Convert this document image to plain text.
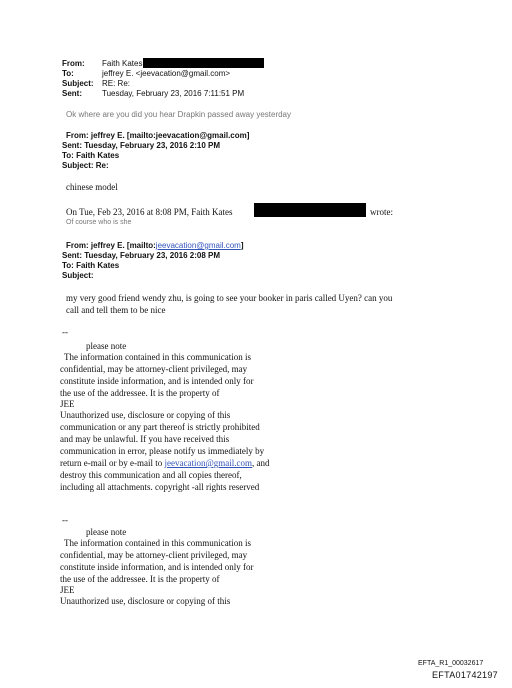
From: Faith Kates
To:	jeffrey E. <jeevacation@gmail.com>
Subject: RE: Re:
Sent:	Tuesday, February 23, 2016 7:11:51 PM
Ok where are you did you hear Drapkin passed away yesterday
From: jeffrey E. [mailto:jeevacation@gmail.com]
Sent: Tuesday, February 23, 2016 2:10 PM
To: Faith Kates
Subject: Re:
chinese model
On Tue, Feb 23, 2016 at 8:08 PM, Faith Kates	wrote:
Of course who is she
From: jeffrey E. [mailto:jeevacation@gmail.com]
Sent: Tuesday, February 23, 2016 2:08 PM
To: Faith Kates
Subject:
my very good friend wendy zhu, is going to see your booker in paris called Uyen? can you
call and tell them to be nice
--
please note
The information contained in this communication is
confidential, may be attorney-client privileged, may
constitute inside information, and is intended only for
the use of the addressee. It is the property of
JEE
Unauthorized use, disclosure or copying of this
communication or any part thereof is strictly prohibited
and may be unlawful. If you have received this
communication in error, please notify us immediately by
return e-mail or by e-mail to jeevacation@gmail.com, and
destroy this communication and all copies thereof,
including all attachments. copyright -all rights reserved
--
please note
The information contained in this communication is
confidential, may be attorney-client privileged, may
constitute inside information, and is intended only for
the use of the addressee. It is the property of
JEE
Unauthorized use, disclosure or copying of this
EFTA_R1_00032617
EFTA01742197
